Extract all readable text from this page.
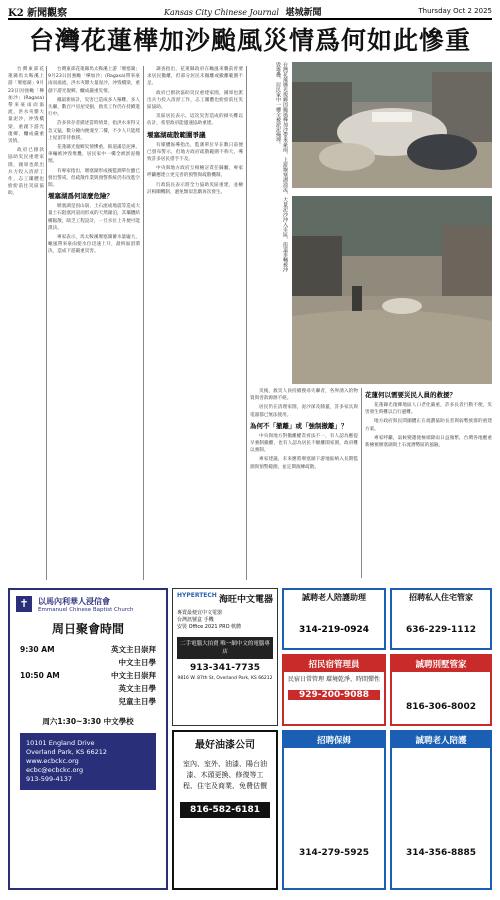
K2 新聞觀察	Kansas City Chinese Journal 堪城新聞	Thursday Oct 2 2025
台灣花蓮樺加沙颱風災情爲何如此慘重
台灣東部花蓮縣馬太鞍溪上游「堰塞湖」9月23日因強颱「樺加沙」(Ragasa)帶來豪雨而溢流，洪水夾雜大量泥沙，沖毀橋梁，重創下游光復鄉，釀成嚴重災情。
據最新統計，災害已造成多人罹難、多人失聯，數百戶房屋受損，救災工作仍在持續進行中。
許多倖存者描述當時情景，指洪水來得又急又猛，數分鐘內便淹至二樓，不少人只能爬上屋頂等待救援。
花蓮縣光復鄉災情慘重，街道滿是泥濘，車輛被沖毀堆疊，居民家中一樓全被淤泥掩埋。
有專家指出，堰塞湖形成後監測單位雖已發出警戒，但疏散作業與預警系統仍有改進空間。
堰塞湖爲何這麼危險？
堰塞湖是因山崩、土石流或地震等造成大量土石阻塞河道而形成的天然湖泊，其壩體結構鬆散，缺乏工程設計，一旦水位上升便可能潰決。
專家表示，馬太鞍溪堰塞湖蓄水量龐大，颱風帶來豪雨使水位迅速上升，最終溢頂潰決，造成下游嚴重災害。
調查指出，花蓮縣政府在颱風來襲前曾要求居民撤離，但部分居民未撤離或撤離範圍不足。
政府已撥款協助災民重建家園，國軍也派出兵力投入清淤工作，志工團體也紛紛前往災區協助。
災區居民表示，這次災害造成的損失難以估計，希望政府能儘速協助重建。
堰塞湖疏散範圍爭議
有媒體報導指出，監測單位早在數日前便已發布警示，但地方政府疏散範圍不夠大，導致許多居民措手不及。
中央與地方政府互相檢討責任歸屬，專家呼籲應建立更完善的預警與疏散機制。
行政院長表示將全力協助災區重建，並檢討相關機制，避免類似悲劇再次發生。	台灣花蓮縣光復鄉因颱風樺加沙帶來豪雨，上游堰塞湖溢流，大量泥沙沖入市區，街道車輛被沖毀堆疊，居民家中一樓全被淤泥掩埋。
災後，救災人員持續搜尋失聯者，各界湧入的物資與善款源源不絕。
居民仍在清理家園，泥沙深及膝蓋，許多家具與電器都已無法使用。
為何不「撤離」或「強制撤離」？
中央與地方對撤離權責看法不一，有人認為應提早強制撤離，也有人認為居民不願離開家園，政府難以強制。
專家建議，未來應將堰塞湖下游地區納入長期監測與預警範圍，並定期演練疏散。
花蓮何以需要災民人員的救援？
花蓮縣光復鄉地區人口老化嚴重，許多長者行動不便，災害發生時難以自行避難。
地方政府與民間團體正在規劃協助長者與弱勢族群的重建方案。
專家呼籲，氣候變遷使極端降雨日益頻繁，台灣各地應重新檢視堰塞湖與土石流潛勢區的風險。
台灣東部花蓮縣馬太鞍溪上游「堰塞湖」9月23日因強颱「樺加沙」(Ragasa)帶來豪雨而溢流，洪水夾雜大量泥沙，沖毀橋梁，重創下游光復鄉，釀成嚴重災情。
政府已撥款協助災民重建家園，國軍也派出兵力投入清淤工作，志工團體也紛紛前往災區協助。
✝	以馬內利華人浸信會
Emmanuel Chinese Baptist Church
周日聚會時間
9:30 AM	英文主日崇拜
中文主日學
10:50 AM	中文主日崇拜
英文主日學
兒童主日學
周六1:30~3:30 中文學校
10101 England Drive
Overland Park, KS 66212
www.ecbckc.org
ecbc@ecbckc.org
913-599-4137
HYPERTECH 海旺中文電器
專賣最便宜中文電器
台灣訊號盒 手機
安裝 Office 2021 PRO 軟體
二手電腦大拍賣 唯一網中文的電腦專店
913-341-7735
9816 W. 87th St, Overland Park, KS 66212
誠聘老人陪護助理
314-219-0924
招聘私人住宅管家
636-229-1112
招民宿管理員
民宿日常管理 環境乾淨、時間彈性
929-200-9088
誠聘別墅管家
816-306-8002
最好油漆公司
室內、室外、油漆、陽台油漆、木頭更換、修復等工程、住宅及商業、免費估價
816-582-6181
招聘保姆
314-279-5925
誠聘老人陪護
314-356-8885
